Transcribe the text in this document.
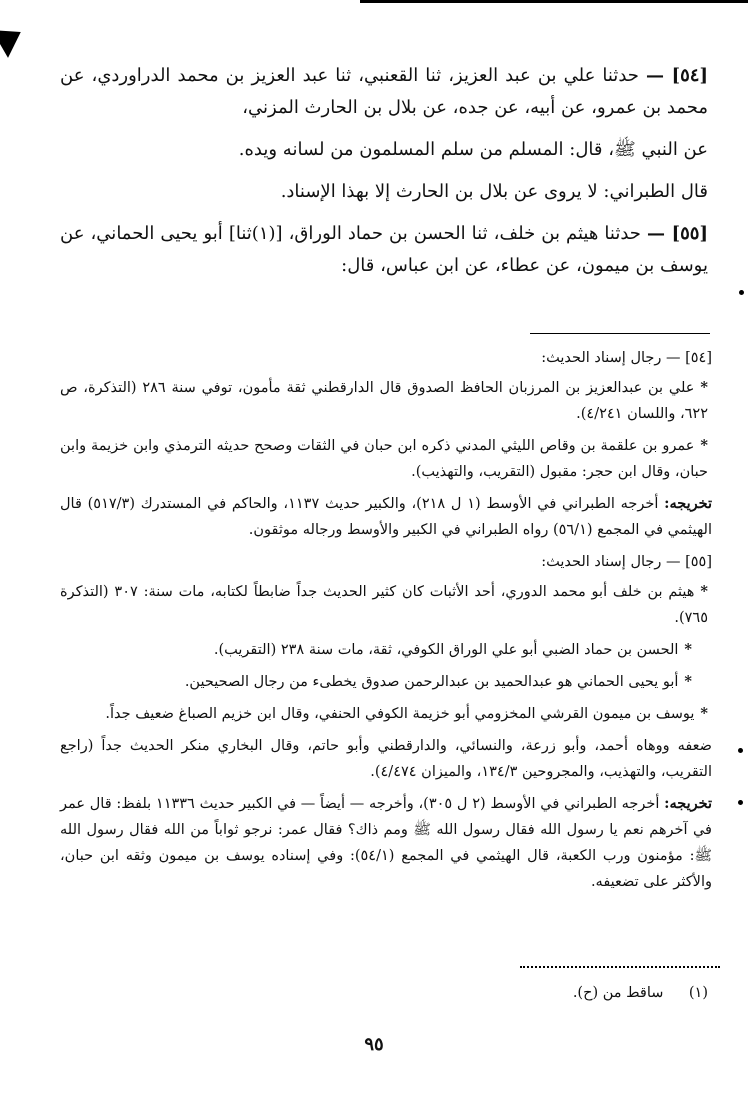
[٥٤] — حدثنا علي بن عبد العزيز، ثنا القعنبي، ثنا عبد العزيز بن محمد الدراوردي، عن محمد بن عمرو، عن أبيه، عن جده، عن بلال بن الحارث المزني،

عن النبي ﷺ، قال: المسلم من سلم المسلمون من لسانه ويده.

قال الطبراني: لا يروى عن بلال بن الحارث إلا بهذا الإسناد.

[٥٥] — حدثنا هيثم بن خلف، ثنا الحسن بن حماد الوراق، [(١)ثنا] أبو يحيى الحماني، عن يوسف بن ميمون، عن عطاء، عن ابن عباس، قال:

[٥٤] — رجال إسناد الحديث:

*علي بن عبدالعزيز بن المرزبان الحافظ الصدوق قال الدارقطني ثقة مأمون، توفي سنة ٢٨٦ (التذكرة، ص ٦٢٢، واللسان ٤/٢٤١).

*عمرو بن علقمة بن وقاص الليثي المدني ذكره ابن حبان في الثقات وصحح حديثه الترمذي وابن خزيمة وابن حبان، وقال ابن حجر: مقبول (التقريب، والتهذيب).

تخريجه: أخرجه الطبراني في الأوسط (١ ل ٢١٨)، والكبير حديث ١١٣٧، والحاكم في المستدرك (٥١٧/٣) قال الهيثمي في المجمع (٥٦/١) رواه الطبراني في الكبير والأوسط ورجاله موثقون.

[٥٥] — رجال إسناد الحديث:

*هيثم بن خلف أبو محمد الدوري، أحد الأثبات كان كثير الحديث جداً ضابطاً لكتابه، مات سنة: ٣٠٧ (التذكرة ٧٦٥).

*الحسن بن حماد الضبي أبو علي الوراق الكوفي، ثقة، مات سنة ٢٣٨ (التقريب).

*أبو يحيى الحماني هو عبدالحميد بن عبدالرحمن صدوق يخطىء من رجال الصحيحين.

*يوسف بن ميمون القرشي المخزومي أبو خزيمة الكوفي الحنفي، وقال ابن خزيم الصباغ ضعيف جداً.

ضعفه ووهاه أحمد، وأبو زرعة، والنسائي، والدارقطني وأبو حاتم، وقال البخاري منكر الحديث جداً (راجع التقريب، والتهذيب، والمجروحين ١٣٤/٣، والميزان ٤/٤٧٤).

تخريجه: أخرجه الطبراني في الأوسط (٢ ل ٣٠٥)، وأخرجه — أيضاً — في الكبير حديث ١١٣٣٦ بلفظ: قال عمر في آخرهم نعم يا رسول الله فقال رسول الله ﷺ ومم ذاك؟ فقال عمر: نرجو ثواباً من الله فقال رسول الله ﷺ: مؤمنون ورب الكعبة، قال الهيثمي في المجمع (٥٤/١): وفي إسناده يوسف بن ميمون وثقه ابن حبان، والأكثر على تضعيفه.

(١) ساقط من (ح).
٩٥
